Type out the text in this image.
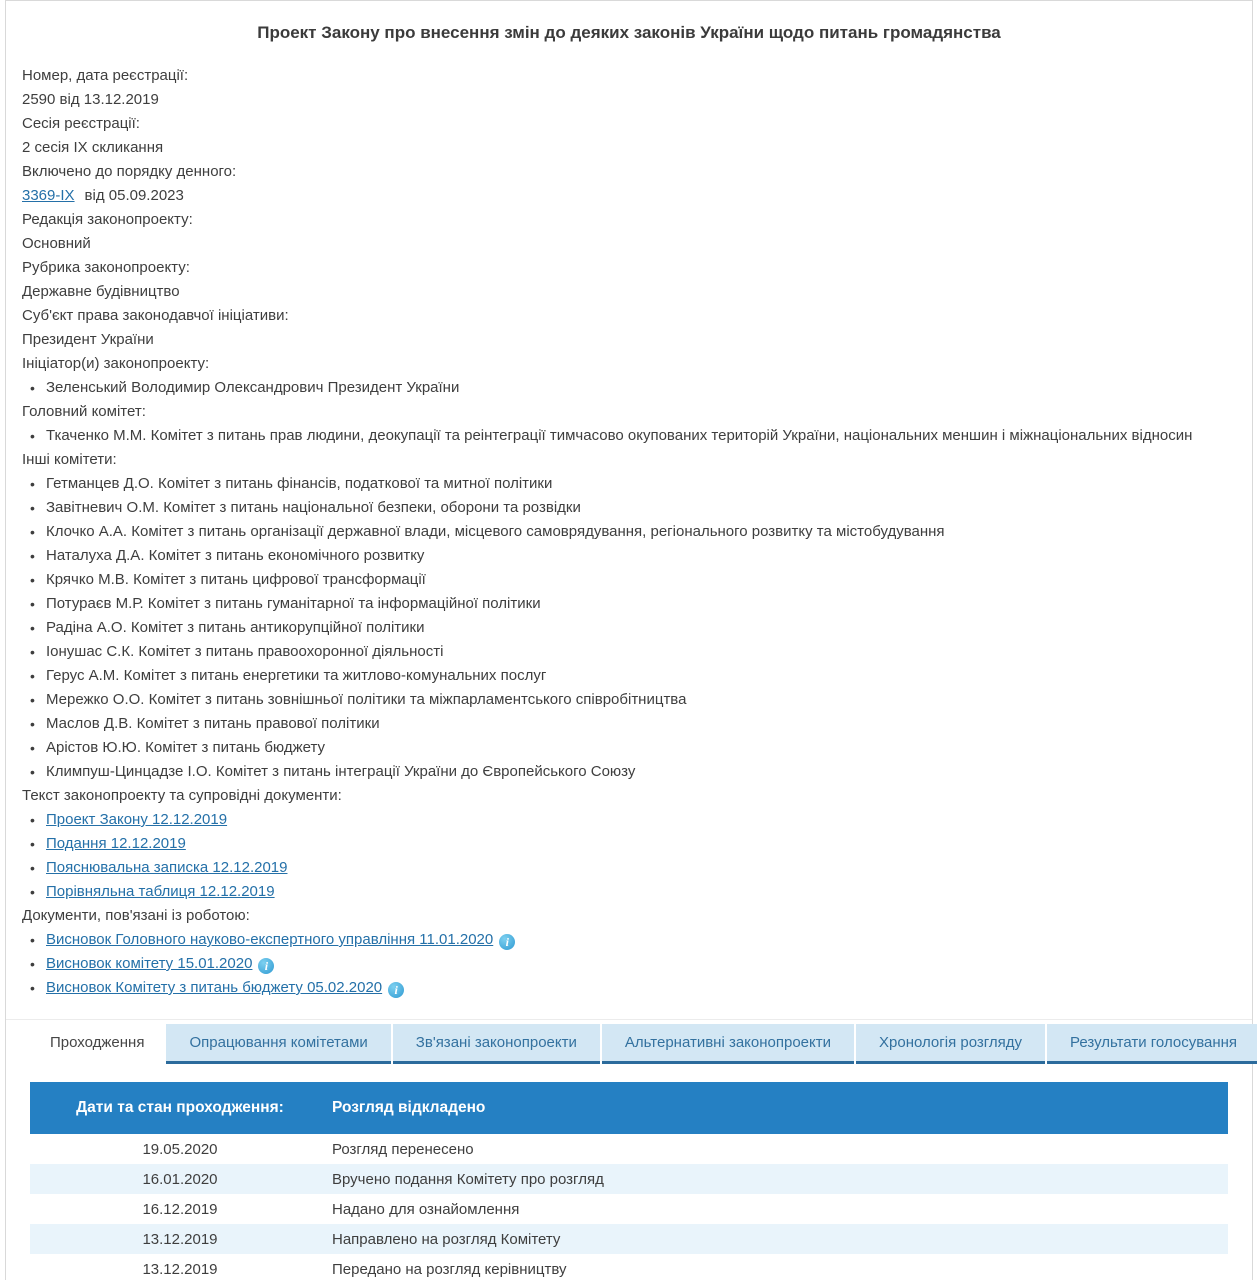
Проект Закону про внесення змін до деяких законів України щодо питань громадянства
Номер, дата реєстрації:
2590 від 13.12.2019
Сесія реєстрації:
2 сесія IX скликання
Включено до порядку денного:
3369-IX від 05.09.2023
Редакція законопроекту:
Основний
Рубрика законопроекту:
Державне будівництво
Суб'єкт права законодавчої ініціативи:
Президент України
Ініціатор(и) законопроекту:
• Зеленський Володимир Олександрович Президент України
Головний комітет:
• Ткаченко М.М. Комітет з питань прав людини, деокупації та реінтеграції тимчасово окупованих територій України, національних меншин і міжнаціональних відносин
Інші комітети:
• Гетманцев Д.О. Комітет з питань фінансів, податкової та митної політики
• Завітневич О.М. Комітет з питань національної безпеки, оборони та розвідки
• Клочко А.А. Комітет з питань організації державної влади, місцевого самоврядування, регіонального розвитку та містобудування
• Наталуха Д.А. Комітет з питань економічного розвитку
• Крячко М.В. Комітет з питань цифрової трансформації
• Потураєв М.Р. Комітет з питань гуманітарної та інформаційної політики
• Радіна А.О. Комітет з питань антикорупційної політики
• Іонушас С.К. Комітет з питань правоохоронної діяльності
• Герус А.М. Комітет з питань енергетики та житлово-комунальних послуг
• Мережко О.О. Комітет з питань зовнішньої політики та міжпарламентського співробітництва
• Маслов Д.В. Комітет з питань правової політики
• Арістов Ю.Ю. Комітет з питань бюджету
• Климпуш-Цинцадзе І.О. Комітет з питань інтеграції України до Європейського Союзу
Текст законопроекту та супровідні документи:
• Проект Закону 12.12.2019
• Подання 12.12.2019
• Пояснювальна записка 12.12.2019
• Порівняльна таблиця 12.12.2019
Документи, пов'язані із роботою:
• Висновок Головного науково-експертного управління 11.01.2020 i
• Висновок комітету 15.01.2020 i
• Висновок Комітету з питань бюджету 05.02.2020 i
Проходження	Опрацювання комітетами	Зв'язані законопроекти	Альтернативні законопроекти	Хронологія розгляду	Результати голосування
Дати та стан проходження:	Розгляд відкладено
19.05.2020	Розгляд перенесено
16.01.2020	Вручено подання Комітету про розгляд
16.12.2019	Надано для ознайомлення
13.12.2019	Направлено на розгляд Комітету
13.12.2019	Передано на розгляд керівництву
